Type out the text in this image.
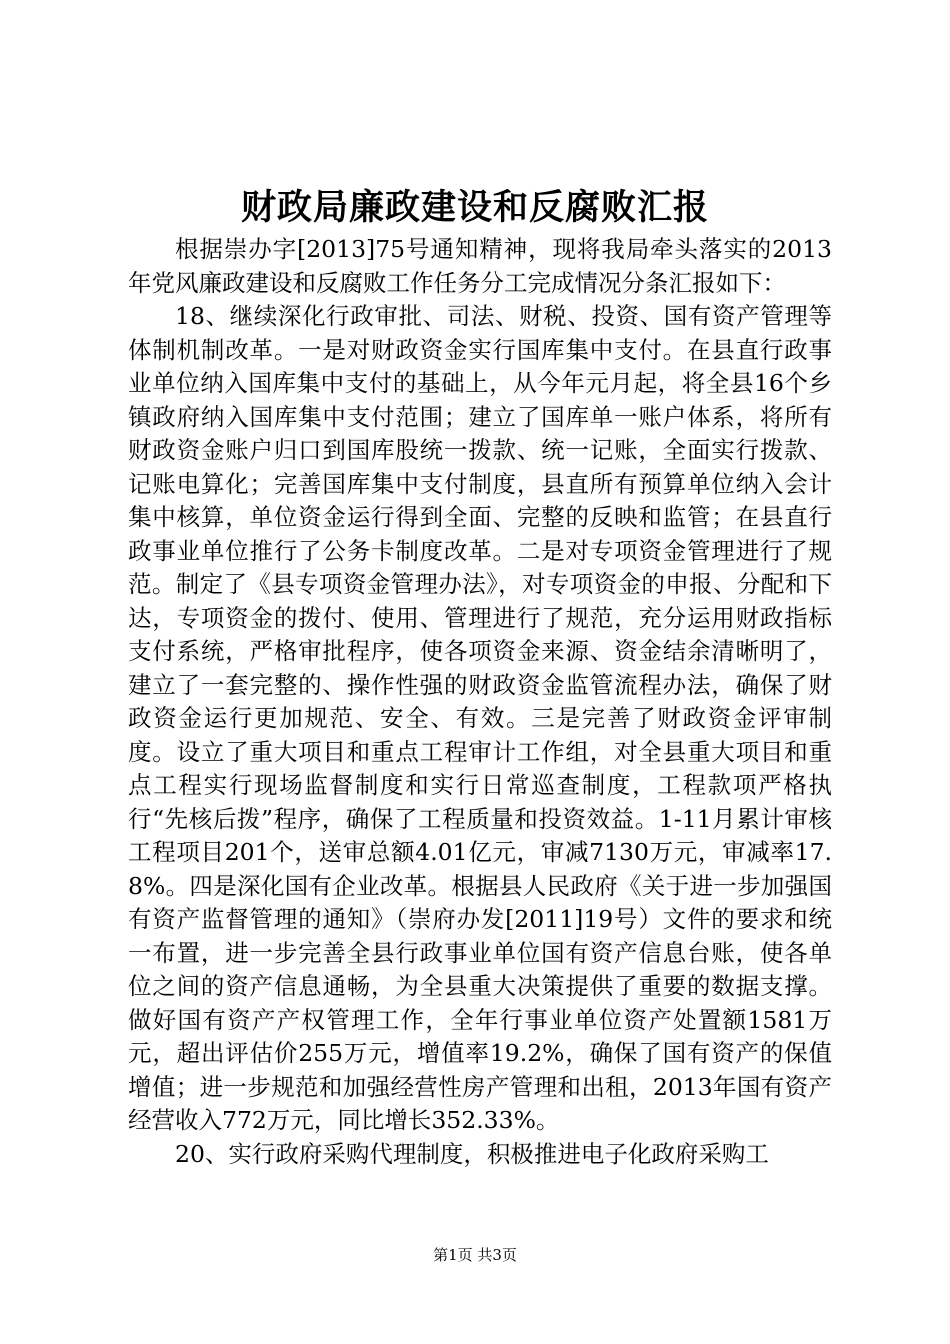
财政局廉政建设和反腐败汇报

根据崇办字[2013]75号通知精神，现将我局牵头落实的2013年党风廉政建设和反腐败工作任务分工完成情况分条汇报如下：

18、继续深化行政审批、司法、财税、投资、国有资产管理等体制机制改革。一是对财政资金实行国库集中支付。在县直行政事业单位纳入国库集中支付的基础上，从今年元月起，将全县16个乡镇政府纳入国库集中支付范围；建立了国库单一账户体系，将所有财政资金账户归口到国库股统一拨款、统一记账，全面实行拨款、记账电算化；完善国库集中支付制度，县直所有预算单位纳入会计集中核算，单位资金运行得到全面、完整的反映和监管；在县直行政事业单位推行了公务卡制度改革。二是对专项资金管理进行了规范。制定了《县专项资金管理办法》，对专项资金的申报、分配和下达，专项资金的拨付、使用、管理进行了规范，充分运用财政指标支付系统，严格审批程序，使各项资金来源、资金结余清晰明了，建立了一套完整的、操作性强的财政资金监管流程办法，确保了财政资金运行更加规范、安全、有效。三是完善了财政资金评审制度。设立了重大项目和重点工程审计工作组，对全县重大项目和重点工程实行现场监督制度和实行日常巡查制度，工程款项严格执行“先核后拨”程序，确保了工程质量和投资效益。1-11月累计审核工程项目201个，送审总额4.01亿元，审减7130万元，审减率17.8%。四是深化国有企业改革。根据县人民政府《关于进一步加强国有资产监督管理的通知》（崇府办发[2011]19号）文件的要求和统一布置，进一步完善全县行政事业单位国有资产信息台账，使各单位之间的资产信息通畅，为全县重大决策提供了重要的数据支撑。做好国有资产产权管理工作，全年行事业单位资产处置额1581万元，超出评估价255万元，增值率19.2%，确保了国有资产的保值增值；进一步规范和加强经营性房产管理和出租，2013年国有资产经营收入772万元，同比增长352.33%。

20、实行政府采购代理制度，积极推进电子化政府采购工

第1页 共3页
